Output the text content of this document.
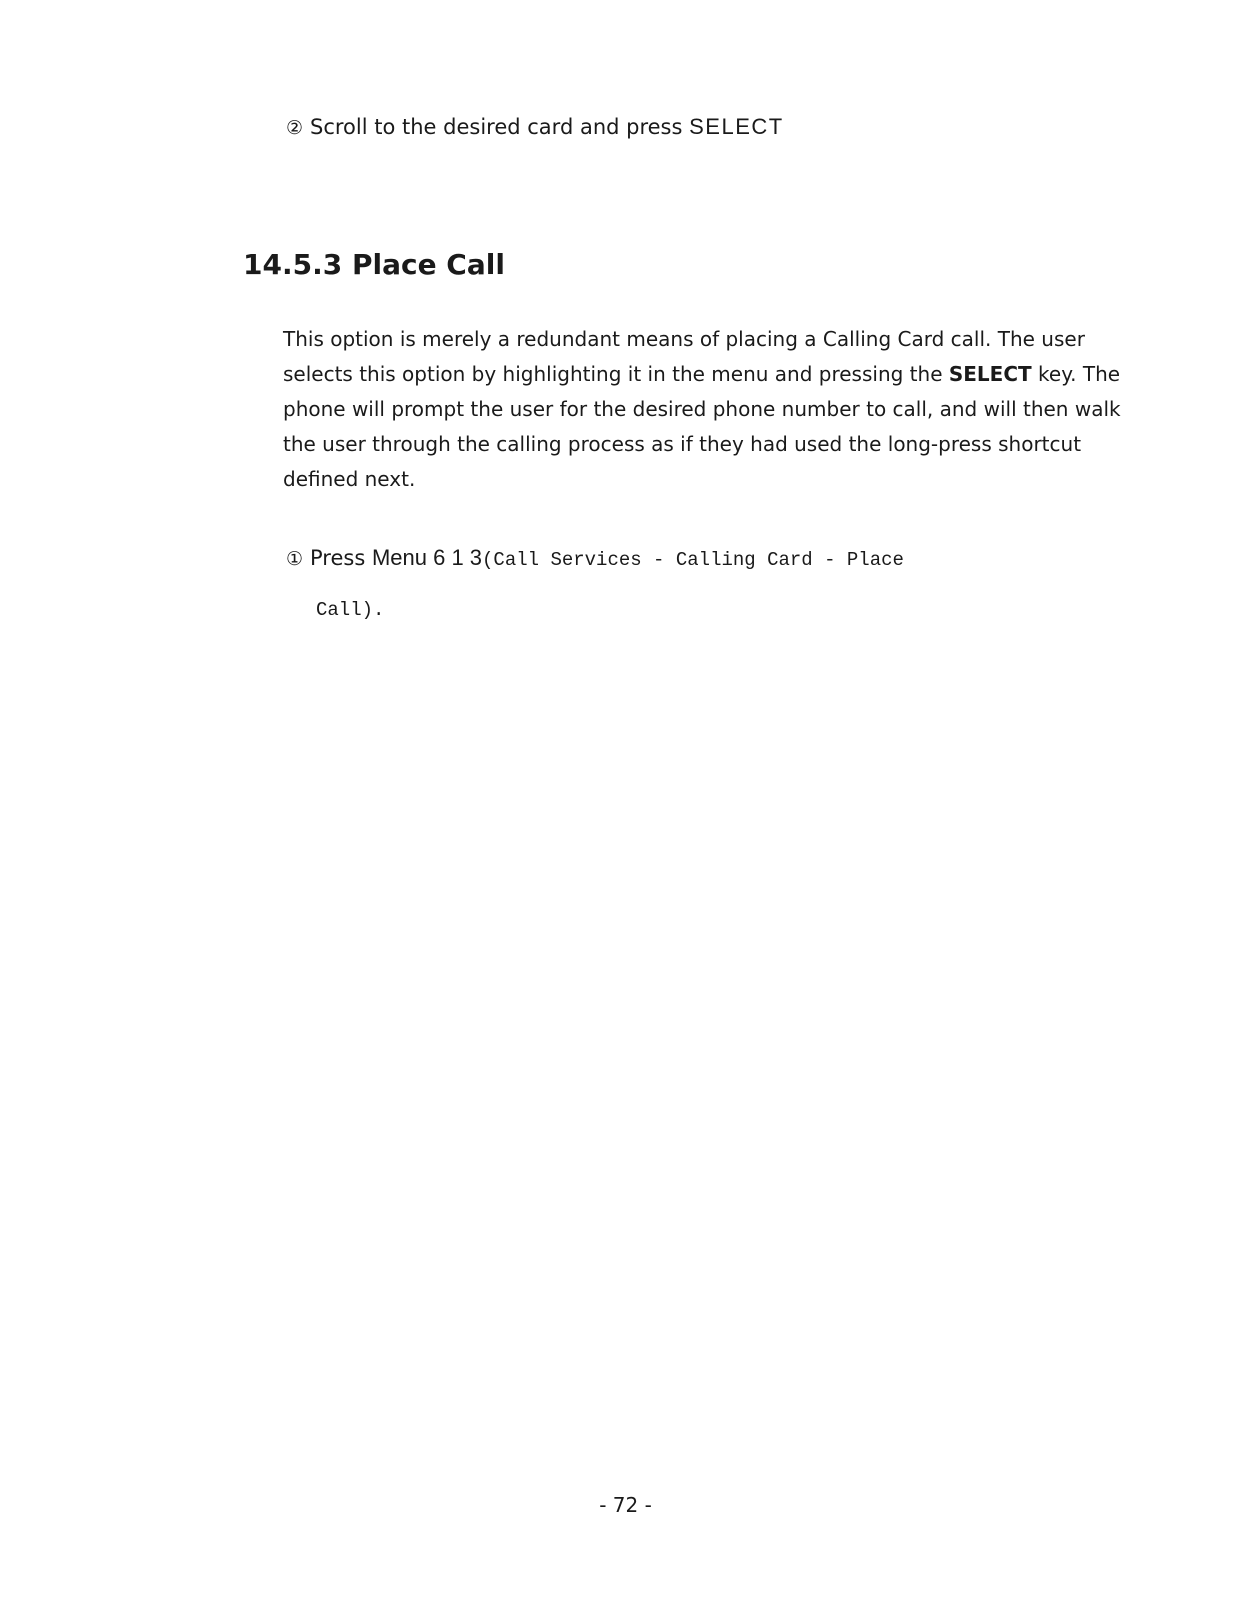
② Scroll to the desired card and press SELECT
14.5.3 Place Call

This option is merely a redundant means of placing a Calling Card call. The user selects this option by highlighting it in the menu and pressing the SELECT key. The phone will prompt the user for the desired phone number to call, and will then walk the user through the calling process as if they had used the long-press shortcut defined next.

① Press Menu 6 1 3(Call Services - Calling Card - Place
Call).
- 72 -
